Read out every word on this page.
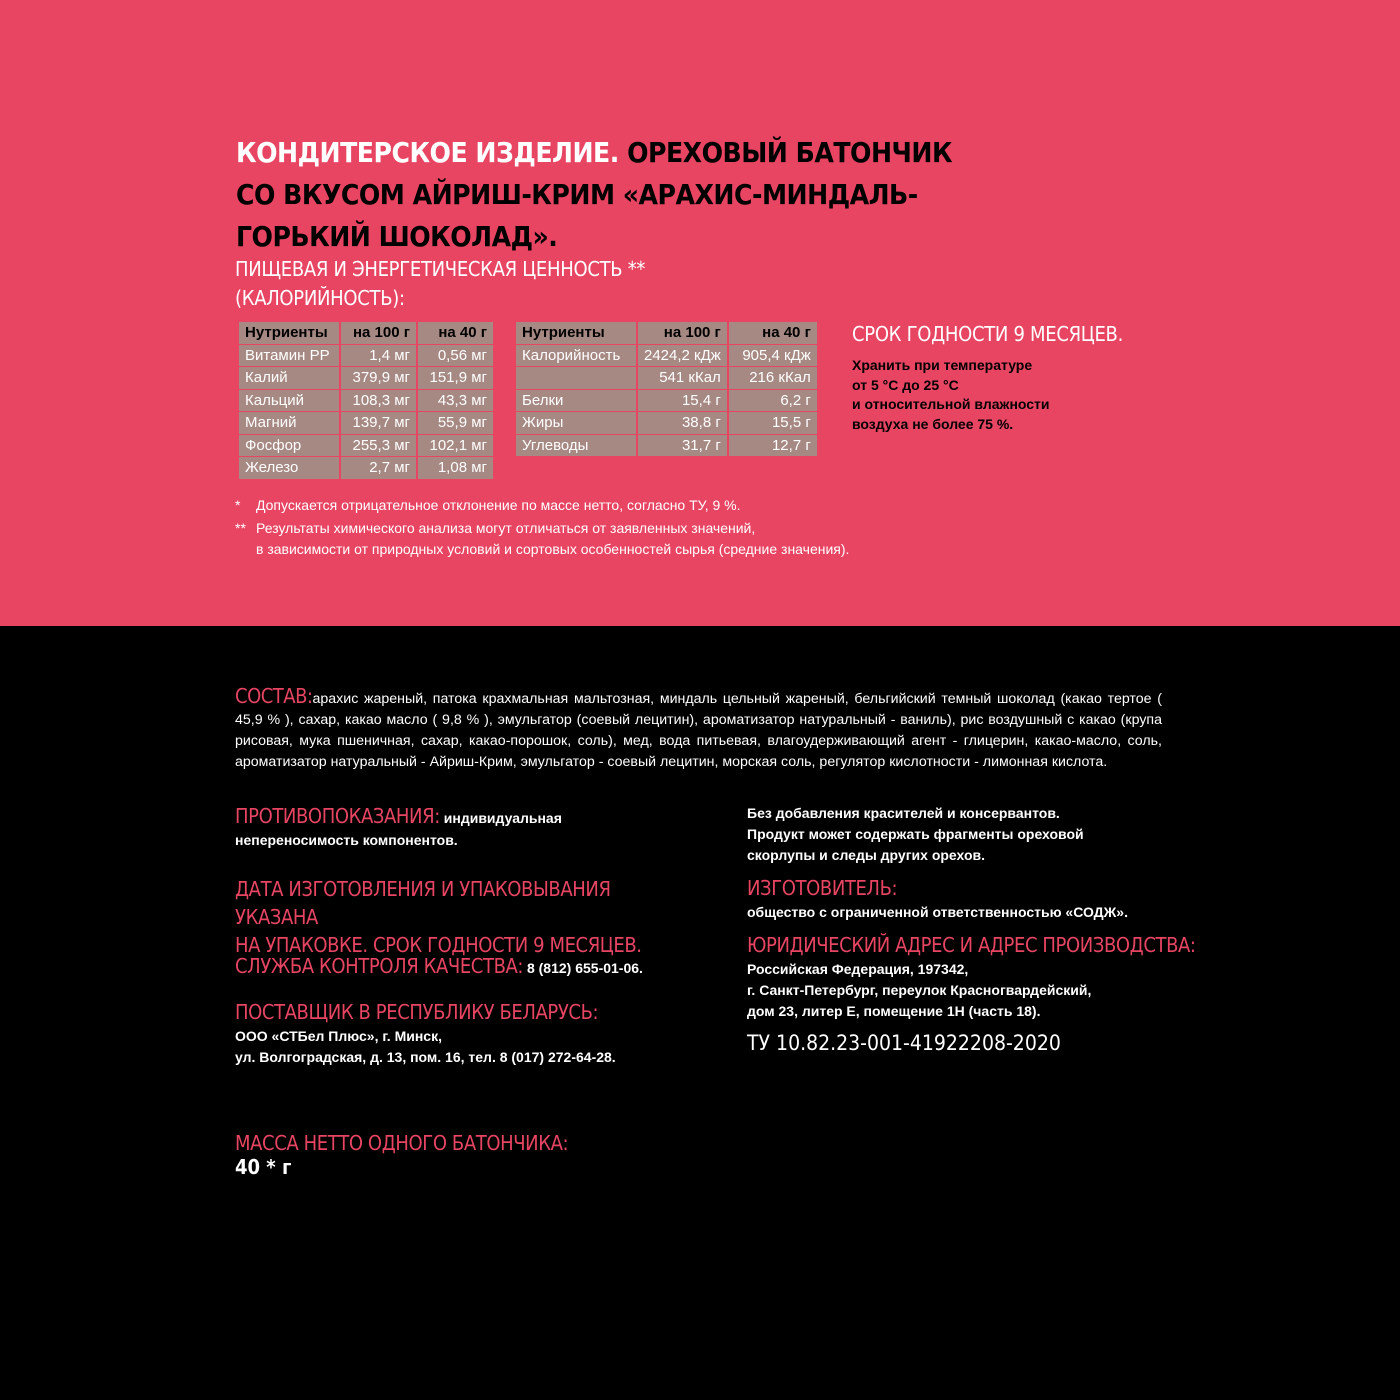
КОНДИТЕРСКОЕ ИЗДЕЛИЕ. ОРЕХОВЫЙ БАТОНЧИК СО ВКУСОМ АЙРИШ-КРИМ «АРАХИС-МИНДАЛЬ-ГОРЬКИЙ ШОКОЛАД».
ПИЩЕВАЯ И ЭНЕРГЕТИЧЕСКАЯ ЦЕННОСТЬ **
(КАЛОРИЙНОСТЬ):
Нутриенты	на 100 г	на 40 г
Витамин PP	1,4 мг	0,56 мг
Калий	379,9 мг	151,9 мг
Кальций	108,3 мг	43,3 мг
Магний	139,7 мг	55,9 мг
Фосфор	255,3 мг	102,1 мг
Железо	2,7 мг	1,08 мг
Нутриенты	на 100 г	на 40 г
Калорийность	2424,2 кДж	905,4 кДж
	541 кКал	216 кКал
Белки	15,4 г	6,2 г
Жиры	38,8 г	15,5 г
Углеводы	31,7 г	12,7 г
СРОК ГОДНОСТИ 9 МЕСЯЦЕВ.
Хранить при температуре
от 5 °С до 25 °С
и относительной влажности
воздуха не более 75 %.
* Допускается отрицательное отклонение по массе нетто, согласно ТУ, 9 %.
** Результаты химического анализа могут отличаться от заявленных значений,
в зависимости от природных условий и сортовых особенностей сырья (средние значения).
СОСТАВ:арахис жареный, патока крахмальная мальтозная, миндаль цельный жареный, бельгийский темный шоколад (какао тертое ( 45,9 % ), сахар, какао масло ( 9,8 % ), эмульгатор (соевый лецитин), ароматизатор натуральный - ваниль), рис воздушный с какао (крупа рисовая, мука пшеничная, сахар, какао-порошок, соль), мед, вода питьевая, влагоудерживающий агент - глицерин, какао-масло, соль, ароматизатор натуральный - Айриш-Крим, эмульгатор - соевый лецитин, морская соль, регулятор кислотности - лимонная кислота.
ПРОТИВОПОКАЗАНИЯ: индивидуальная
непереносимость компонентов.
ДАТА ИЗГОТОВЛЕНИЯ И УПАКОВЫВАНИЯ УКАЗАНА
НА УПАКОВКЕ. СРОК ГОДНОСТИ 9 МЕСЯЦЕВ.
СЛУЖБА КОНТРОЛЯ КАЧЕСТВА: 8 (812) 655-01-06.
ПОСТАВЩИК В РЕСПУБЛИКУ БЕЛАРУСЬ:
ООО «СТБел Плюс», г. Минск,
ул. Волгоградская, д. 13, пом. 16, тел. 8 (017) 272-64-28.
МАССА НЕТТО ОДНОГО БАТОНЧИКА:
40 * г
Без добавления красителей и консервантов.
Продукт может содержать фрагменты ореховой
скорлупы и следы других орехов.
ИЗГОТОВИТЕЛЬ:
общество с ограниченной ответственностью «СОДЖ».
ЮРИДИЧЕСКИЙ АДРЕС И АДРЕС ПРОИЗВОДСТВА:
Российская Федерация, 197342,
г. Санкт-Петербург, переулок Красногвардейский,
дом 23, литер Е, помещение 1Н (часть 18).
ТУ 10.82.23-001-41922208-2020
